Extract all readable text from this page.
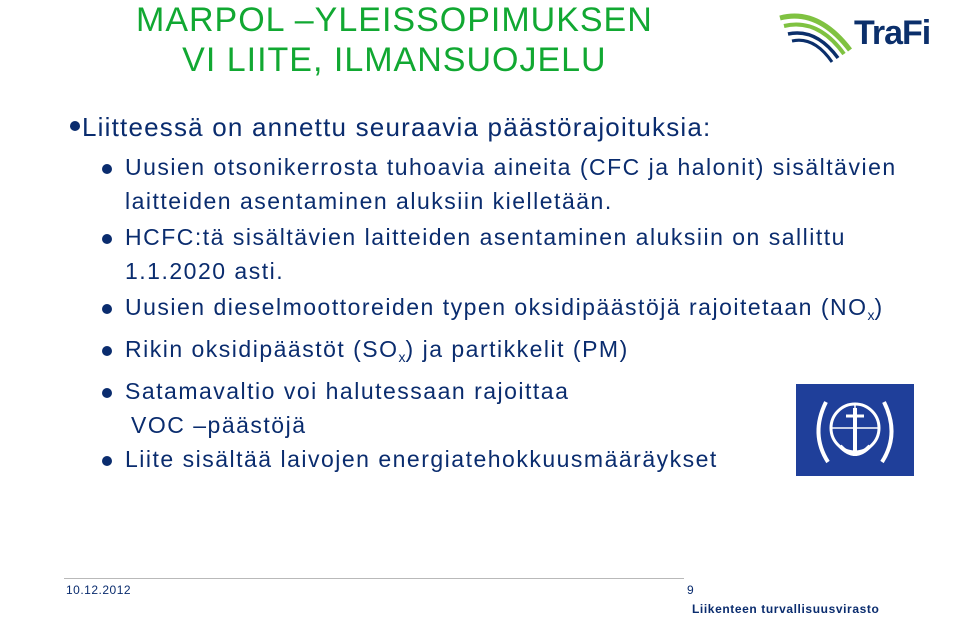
MARPOL –YLEISSOPIMUKSEN
VI LIITE, ILMANSUOJELU
TraFi
Liitteessä on annettu seuraavia päästörajoituksia:
Uusien otsonikerrosta tuhoavia aineita (CFC ja halonit) sisältävien laitteiden asentaminen aluksiin kielletään.
HCFC:tä sisältävien laitteiden asentaminen aluksiin on sallittu 1.1.2020 asti.
Uusien dieselmoottoreiden typen oksidipäästöjä rajoitetaan $(NO_x)$
Rikin oksidipäästöt $(SO_x)$ ja partikkelit (PM)
Satamavaltio voi halutessaan rajoittaa
VOC –päästöjä
Liite sisältää laivojen energiatehokkuusmääräykset
10.12.2012	9
Liikenteen turvallisuusvirasto
